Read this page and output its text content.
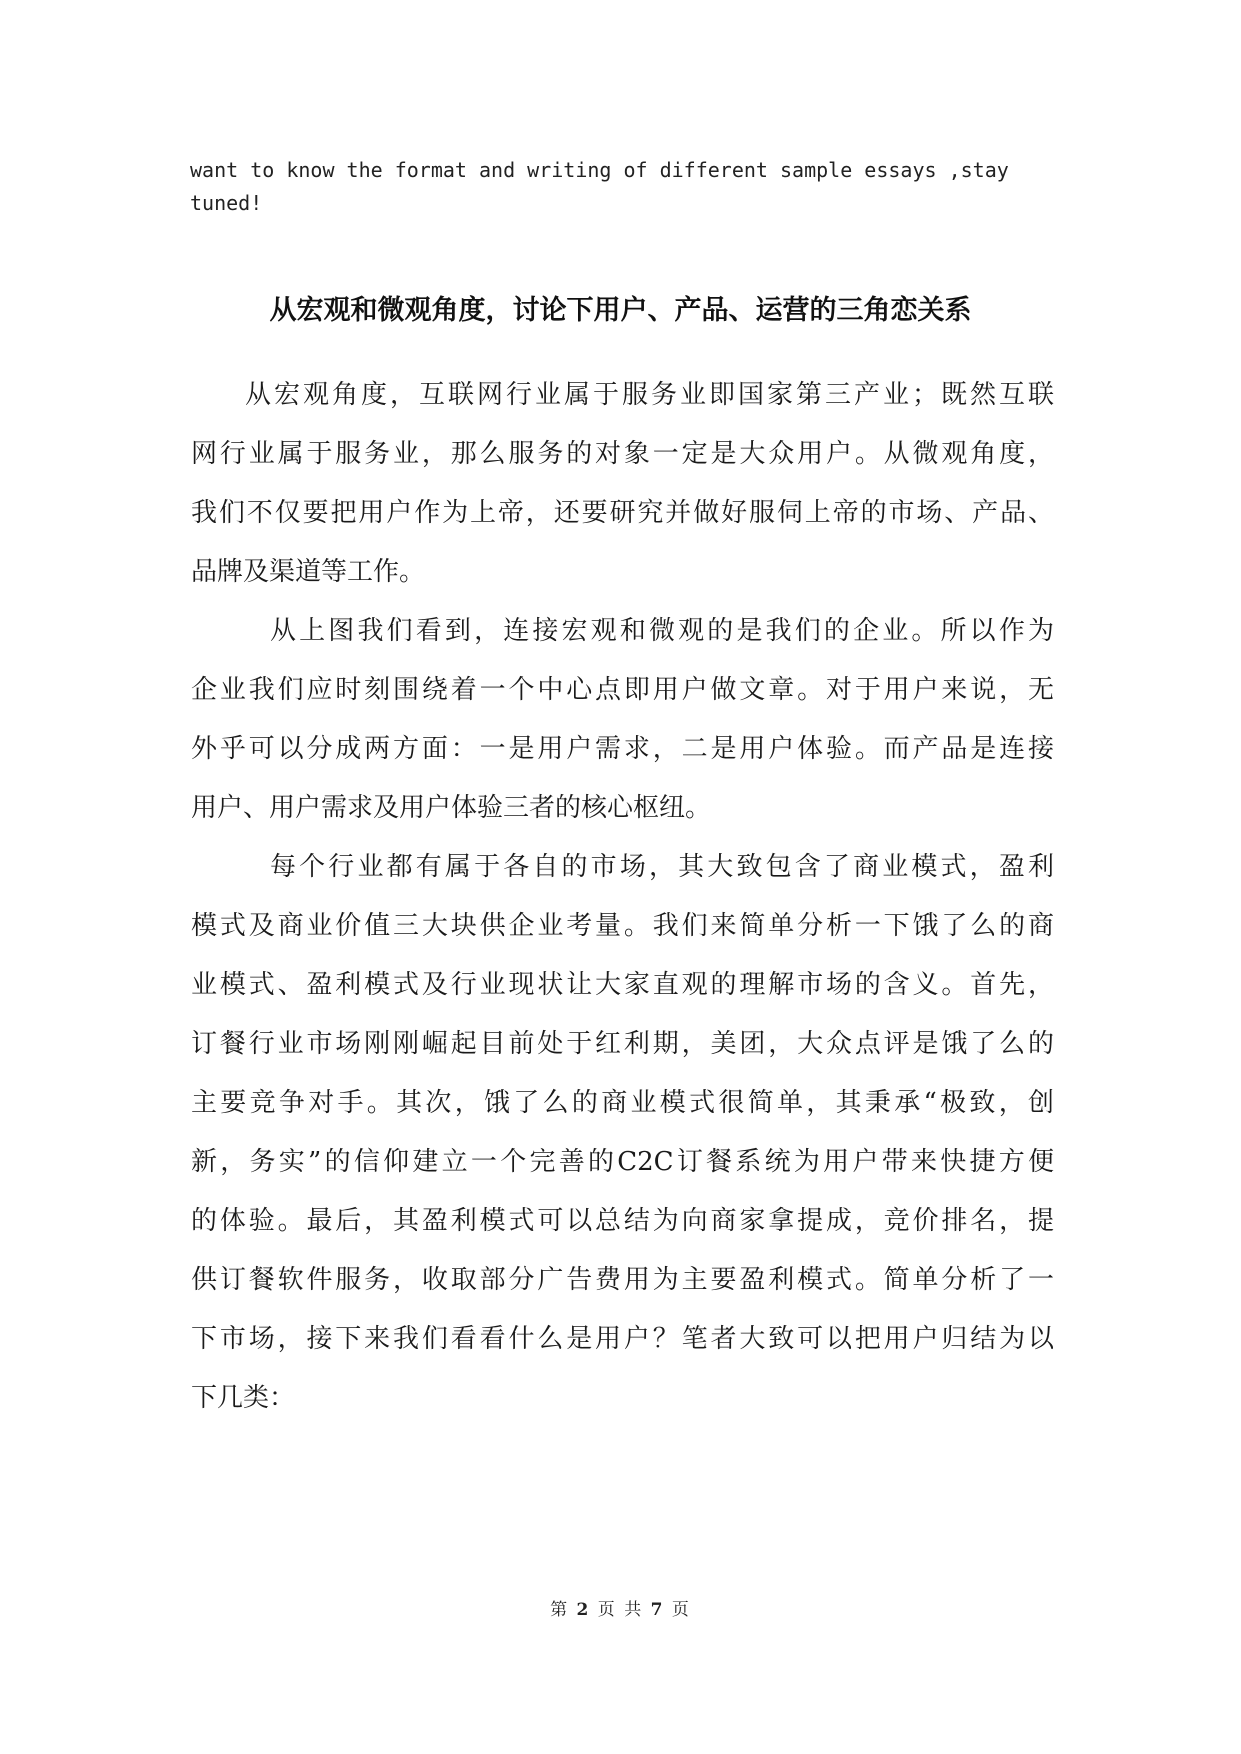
want to know the format and writing of different sample essays ,stay
tuned!
从宏观和微观角度，讨论下用户、产品、运营的三角恋关系
从宏观角度，互联网行业属于服务业即国家第三产业；既然互联
网行业属于服务业，那么服务的对象一定是大众用户。从微观角度，
我们不仅要把用户作为上帝，还要研究并做好服伺上帝的市场、产品、
品牌及渠道等工作。
从上图我们看到，连接宏观和微观的是我们的企业。所以作为
企业我们应时刻围绕着一个中心点即用户做文章。对于用户来说，无
外乎可以分成两方面：一是用户需求，二是用户体验。而产品是连接
用户、用户需求及用户体验三者的核心枢纽。
每个行业都有属于各自的市场，其大致包含了商业模式，盈利
模式及商业价值三大块供企业考量。我们来简单分析一下饿了么的商
业模式、盈利模式及行业现状让大家直观的理解市场的含义。首先，
订餐行业市场刚刚崛起目前处于红利期，美团，大众点评是饿了么的
主要竞争对手。其次，饿了么的商业模式很简单，其秉承“极致，创
新，务实”的信仰建立一个完善的C2C订餐系统为用户带来快捷方便
的体验。最后，其盈利模式可以总结为向商家拿提成，竞价排名，提
供订餐软件服务，收取部分广告费用为主要盈利模式。简单分析了一
下市场，接下来我们看看什么是用户？笔者大致可以把用户归结为以
下几类：
第 2 页 共 7 页
